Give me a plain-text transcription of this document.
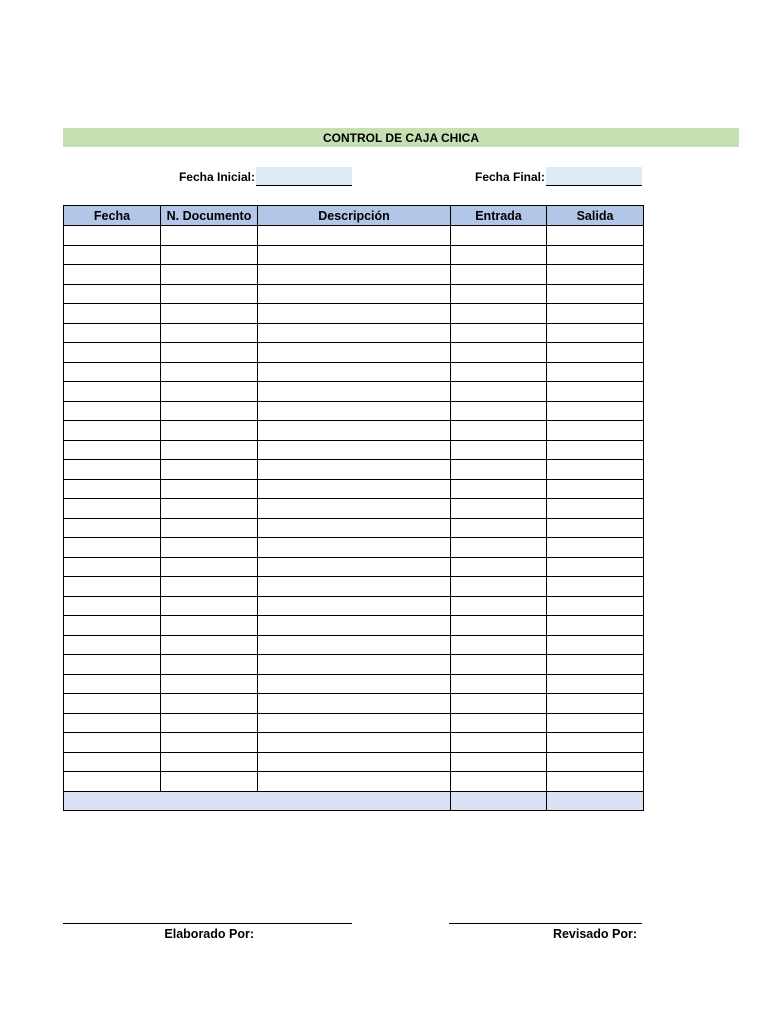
CONTROL DE CAJA CHICA
Fecha Inicial:	Fecha Final:
Fecha	N. Documento	Descripción	Entrada	Salida

Elaborado Por:	Revisado Por:
